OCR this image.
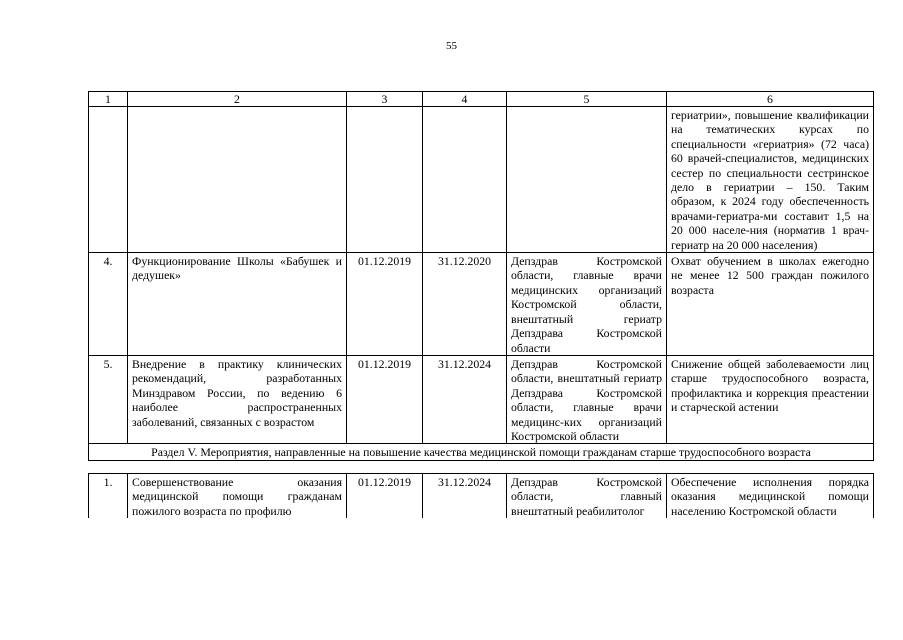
55
1	2	3	4	5	6
					гериатрии», повышение квалификации на тематических курсах по специальности «гериатрия» (72 часа) 60 врачей-специалистов, медицинских сестер по специальности сестринское дело в гериатрии – 150. Таким образом, к 2024 году обеспеченность врачами-гериатра-ми составит 1,5 на 20 000 населе-ния (норматив 1 врач-гериатр на 20 000 населения)
4.	Функционирование Школы «Бабушек и дедушек»	01.12.2019	31.12.2020	Депздрав Костромской области, главные врачи медицинских организаций Костромской области, внештатный гериатр Депздрава Костромской области	Охват обучением в школах ежегодно не менее 12 500 граждан пожилого возраста
5.	Внедрение в практику клинических рекомендаций, разработанных Минздравом России, по ведению 6 наиболее распространенных заболеваний, связанных с возрастом	01.12.2019	31.12.2024	Депздрав Костромской области, внештатный гериатр Депздрава Костромской области, главные врачи медицинс-ких организаций Костромской области	Снижение общей заболеваемости лиц старше трудоспособного возраста, профилактика и коррекция преастении и старческой астении
Раздел V. Мероприятия, направленные на повышение качества медицинской помощи гражданам старше трудоспособного возраста					

1.	Совершенствование оказания медицинской помощи гражданам пожилого возраста по профилю	01.12.2019	31.12.2024	Депздрав Костромской области, главный внештатный реабилитолог	Обеспечение исполнения порядка оказания медицинской помощи населению Костромской области
